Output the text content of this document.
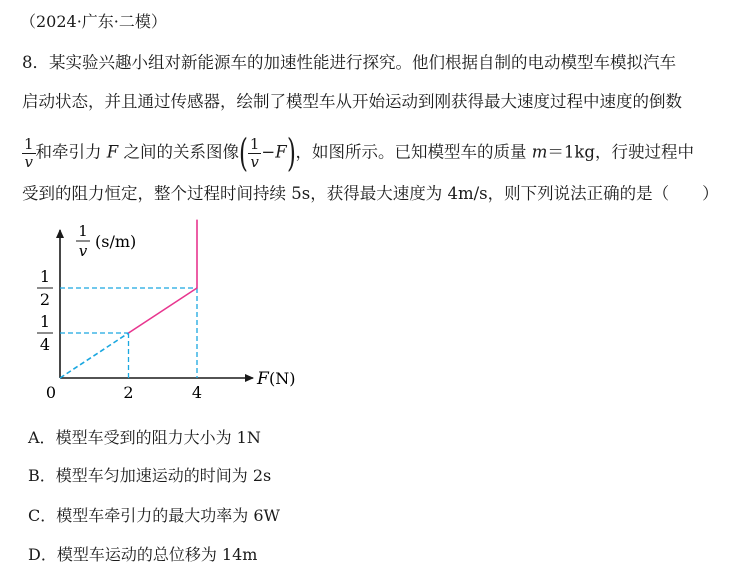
（2024·广东·二模）
8．某实验兴趣小组对新能源车的加速性能进行探究。他们根据自制的电动模型车模拟汽车
启动状态，并且通过传感器，绘制了模型车从开始运动到刚获得最大速度过程中速度的倒数
$\frac{1}{v}$ 和牵引力 F 之间的关系图像( $\frac{1}{v} -F$)，如图所示。已知模型车的质量 m＝1kg，行驶过程中
受到的阻力恒定，整个过程时间持续 5s，获得最大速度为 4m/s，则下列说法正确的是（　　）
2	4
1
4
1
2
1
v (s/m)
F (N)
0
A．模型车受到的阻力大小为 1N
B．模型车匀加速运动的时间为 2s
C．模型车牵引力的最大功率为 6W
D．模型车运动的总位移为 14m
